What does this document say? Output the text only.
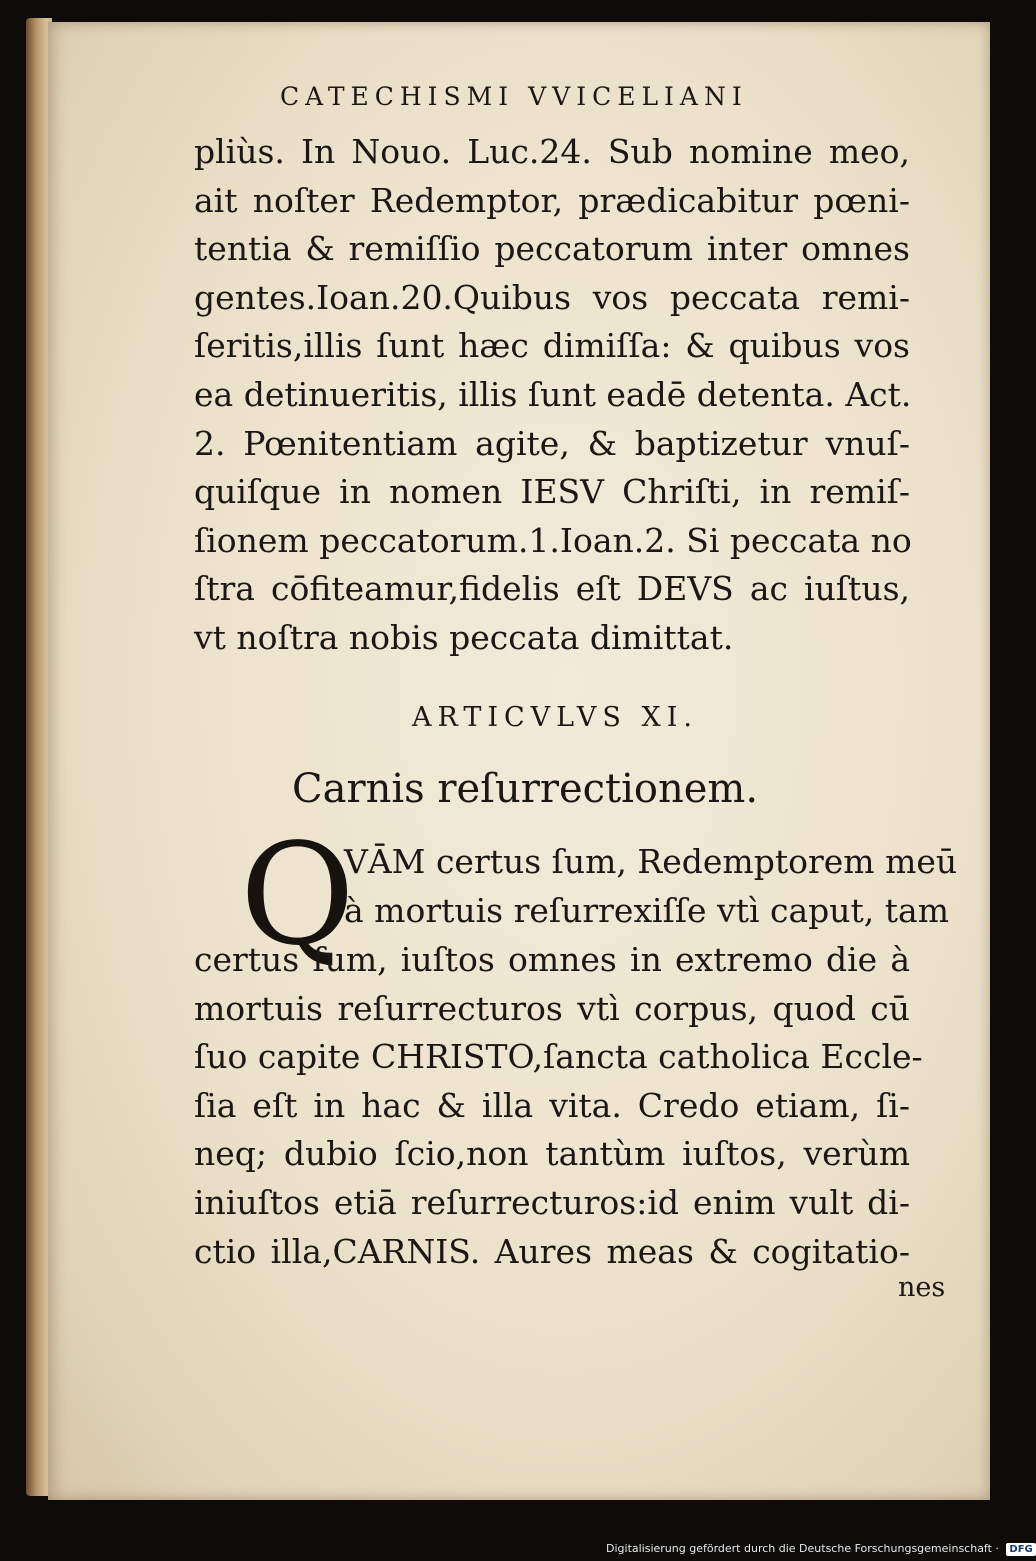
CATECHISMI VVICELIANI
pliùs. In Nouo. Luc.24. Sub nomine meo,
ait noſter Redemptor, prædicabitur pœni-
tentia & remiſſio peccatorum inter omnes
gentes.Ioan.20.Quibus vos peccata remi-
ſeritis,illis ſunt hæc dimiſſa: & quibus vos
ea detinueritis, illis ſunt eadē detenta. Act.
2. Pœnitentiam agite, & baptizetur vnuſ-
quiſque in nomen IESV Chriſti, in remiſ-
ſionem peccatorum.1.Ioan.2. Si peccata no
ſtra cōfiteamur,fidelis eſt DEVS ac iuſtus,
vt noſtra nobis peccata dimittat.
ARTICVLVS XI.
Carnis reſurrectionem.
Q
VĀM certus ſum, Redemptorem meū
à mortuis reſurrexiſſe vtì caput, tam
certus ſum, iuſtos omnes in extremo die à
mortuis reſurrecturos vtì corpus, quod cū
ſuo capite CHRISTO,ſancta catholica Eccle-
ſia eſt in hac & illa vita. Credo etiam, ſi-
neq; dubio ſcio,non tantùm iuſtos, verùm
iniuſtos etiā reſurrecturos:id enim vult di-
ctio illa,CARNIS. Aures meas & cogitatio-
nes
Digitalisierung gefördert durch die Deutsche Forschungsgemeinschaft · DFG
